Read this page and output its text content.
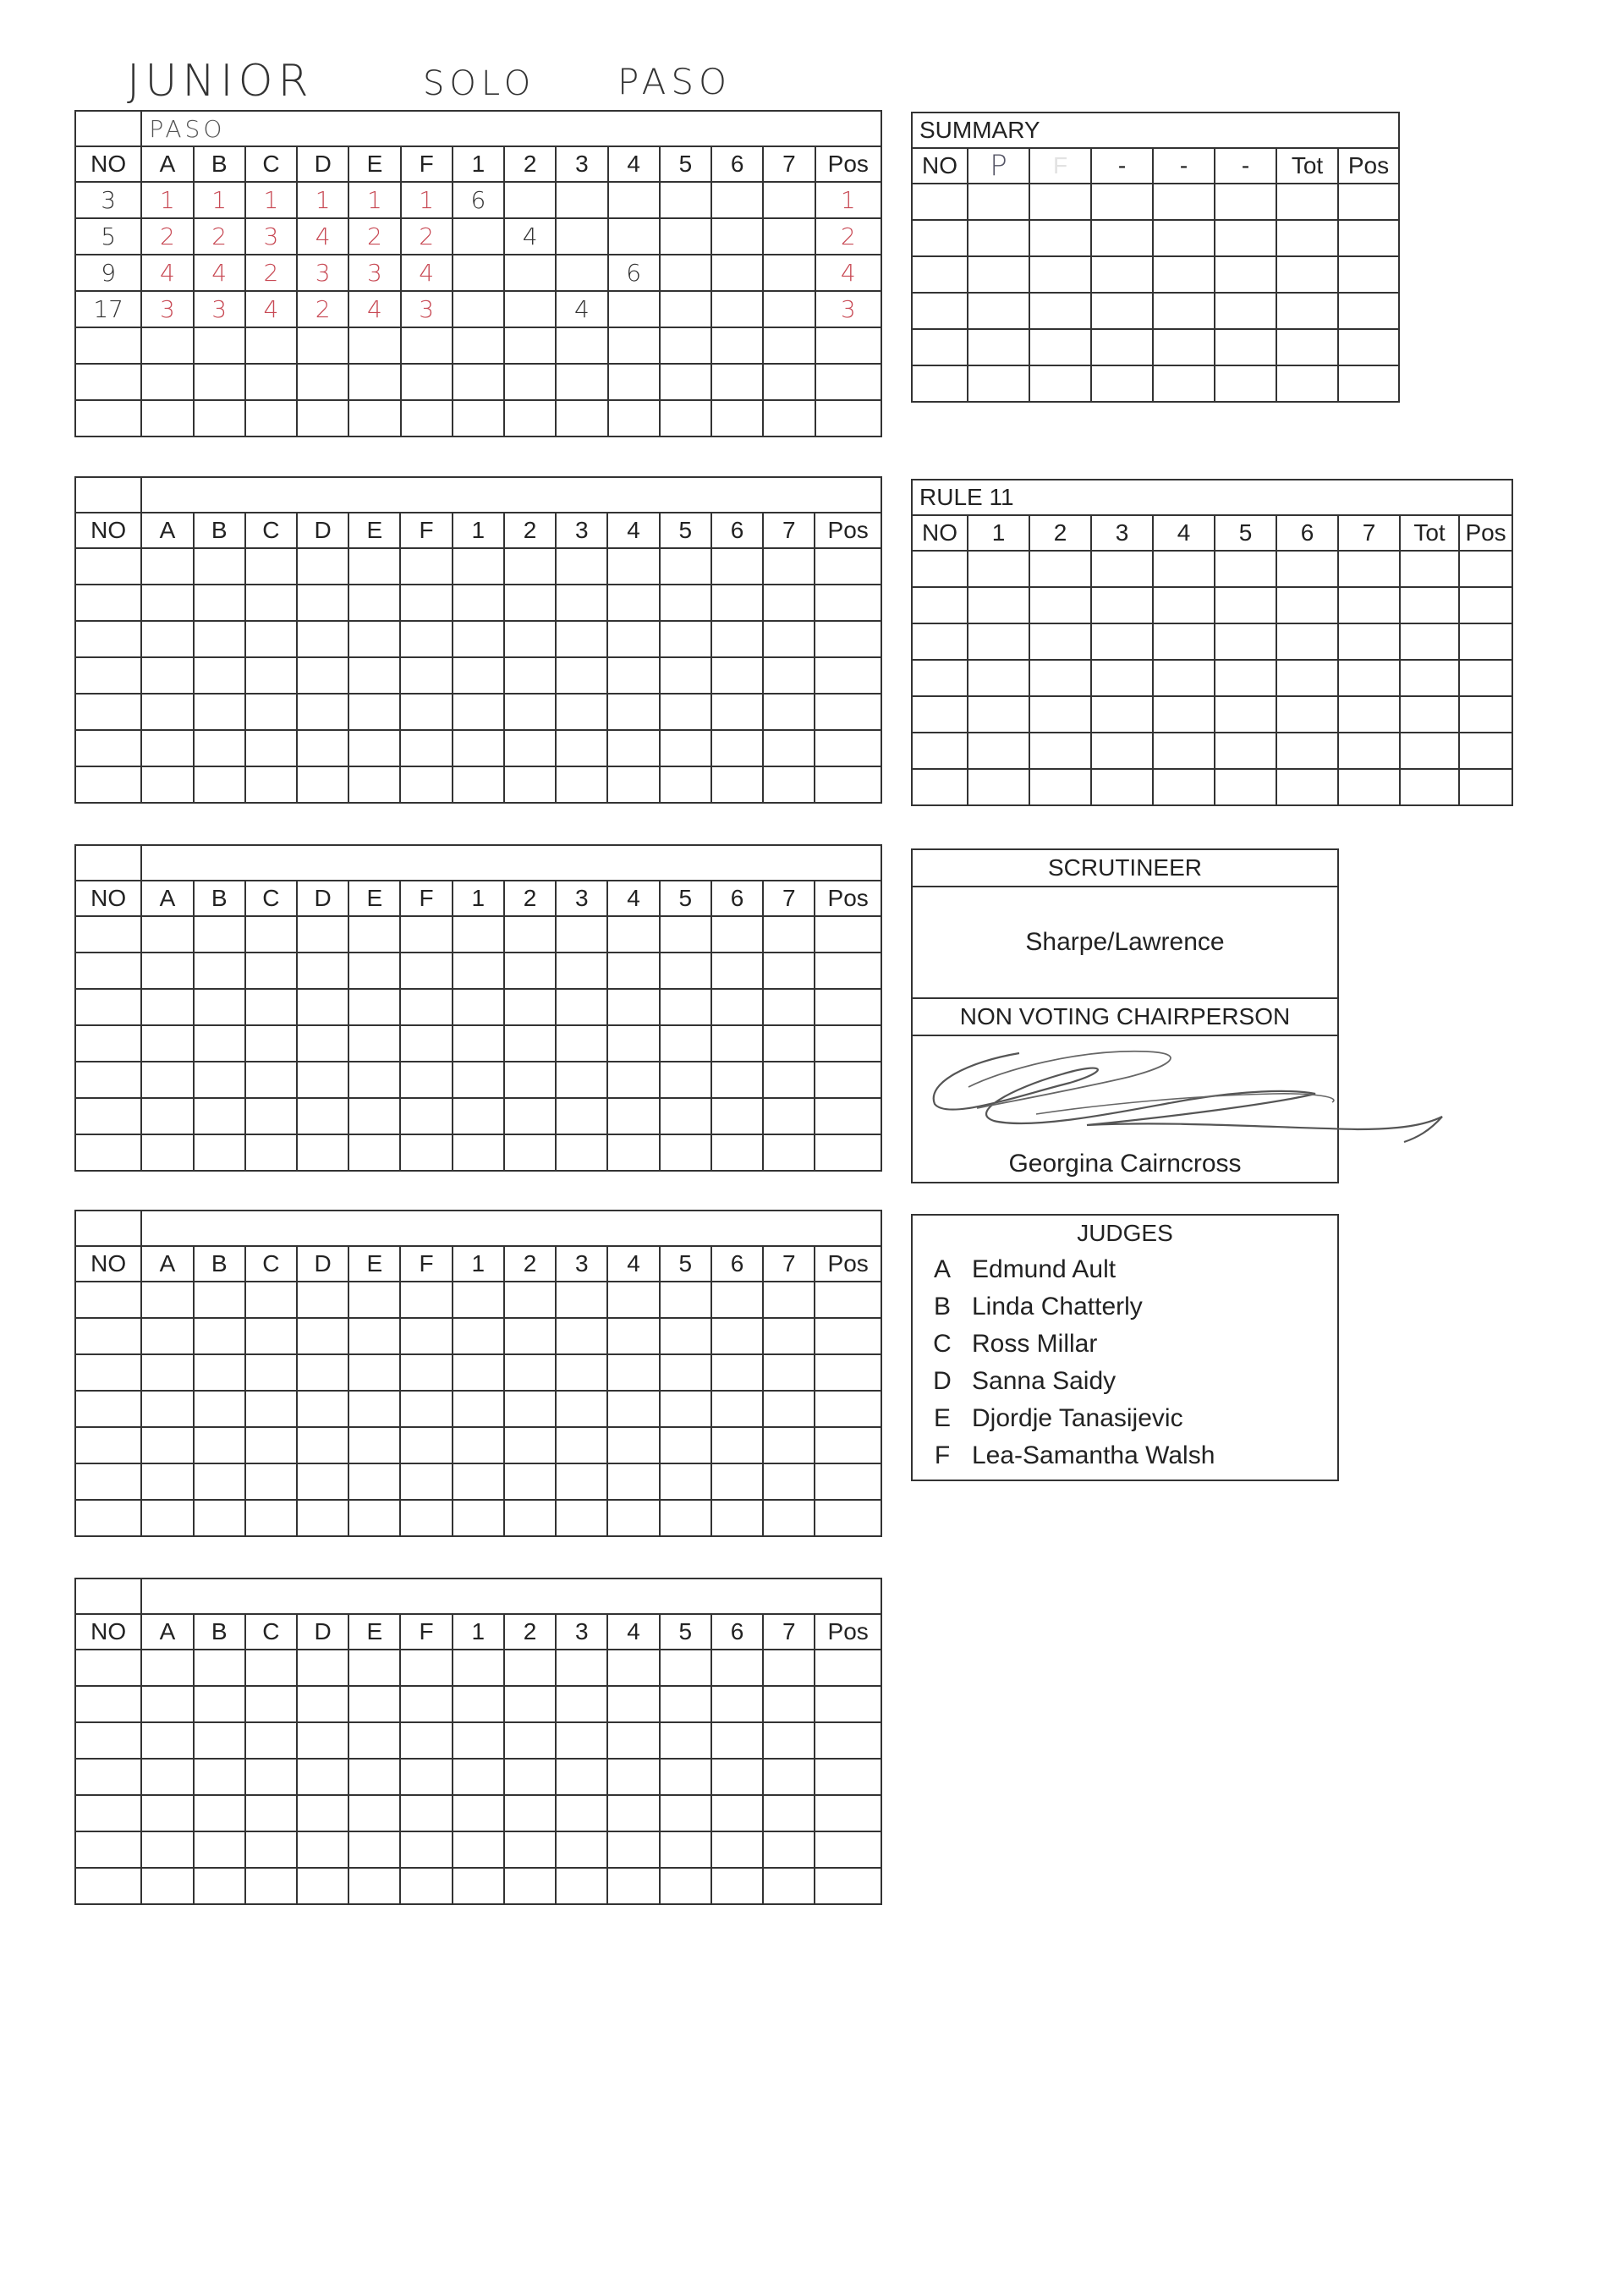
JUNIOR	SOLO PASO
	PASO													
NO	A	B	C	D	E	F	1	2	3	4	5	6	7	Pos
3	1	1	1	1	1	1	6							1
5	2	2	3	4	2	2		4						2
9	4	4	2	3	3	4				6				4
17	3	3	4	2	4	3			4					3

NO	A	B	C	D	E	F	1	2	3	4	5	6	7	Pos

NO	A	B	C	D	E	F	1	2	3	4	5	6	7	Pos

NO	A	B	C	D	E	F	1	2	3	4	5	6	7	Pos

NO	A	B	C	D	E	F	1	2	3	4	5	6	7	Pos

SUMMARY							
NO	P	F	-	-	-	Tot	Pos

RULE 11									
NO	1	2	3	4	5	6	7	Tot	Pos

SCRUTINEER
Sharpe/Lawrence
NON VOTING CHAIRPERSON
Georgina Cairncross
JUDGES
A Edmund Ault
B Linda Chatterly
C Ross Millar
D Sanna Saidy
E Djordje Tanasijevic
F Lea-Samantha Walsh
